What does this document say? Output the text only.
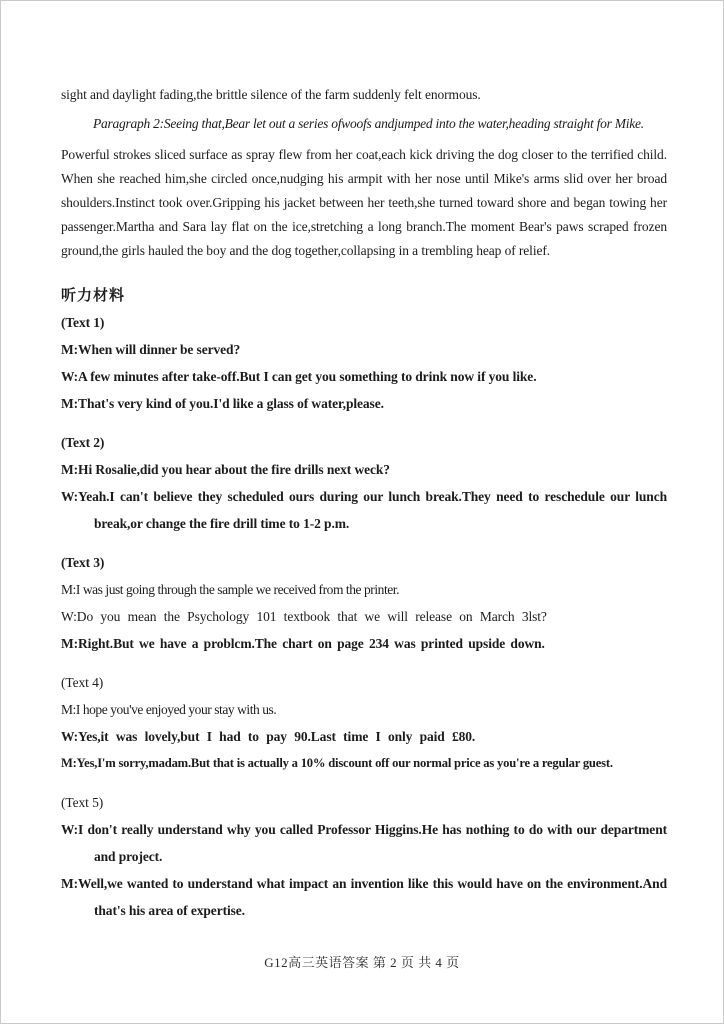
sight and daylight fading,the brittle silence of the farm suddenly felt enormous.

Paragraph 2:Seeing that,Bear let out a series ofwoofs andjumped into the water,heading straight for Mike.

Powerful strokes sliced surface as spray flew from her coat,each kick driving the dog closer to the terrified child. When she reached him,she circled once,nudging his armpit with her nose until Mike's arms slid over her broad shoulders.Instinct took over.Gripping his jacket between her teeth,she turned toward shore and began towing her passenger.Martha and Sara lay flat on the ice,stretching a long branch.The moment Bear's paws scraped frozen ground,the girls hauled the boy and the dog together,collapsing in a trembling heap of relief.

听力材料

(Text 1)

M:When will dinner be served?

W:A few minutes after take-off.But I can get you something to drink now if you like.

M:That's very kind of you.I'd like a glass of water,please.

(Text 2)

M:Hi Rosalie,did you hear about the fire drills next weck?

W:Yeah.I can't believe they scheduled ours during our lunch break.They need to reschedule our lunch break,or change the fire drill time to 1-2 p.m.

(Text 3)

M:I was just going through the sample we received from the printer.

W:Do you mean the Psychology 101 textbook that we will release on March 3lst?

M:Right.But we have a problcm.The chart on page 234 was printed upside down.

(Text 4)

M:I hope you've enjoyed your stay with us.

W:Yes,it was lovely,but I had to pay 90.Last time I only paid £80.

M:Yes,I'm sorry,madam.But that is actually a 10% discount off our normal price as you're a regular guest.

(Text 5)

W:I don't really understand why you called Professor Higgins.He has nothing to do with our department and project.

M:Well,we wanted to understand what impact an invention like this would have on the environment.And that's his area of expertise.

G12高三英语答案 第 2 页 共 4 页
